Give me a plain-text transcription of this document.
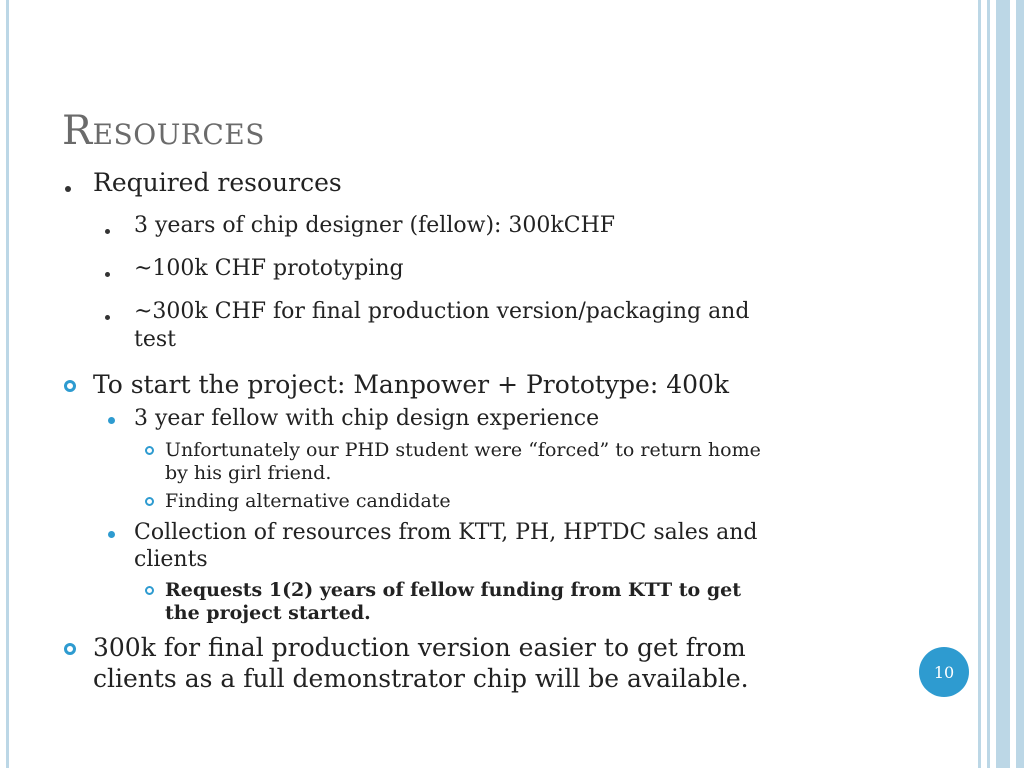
Resources
Required resources
3 years of chip designer (fellow): 300kCHF
~100k CHF prototyping
~300k CHF for final production version/packaging and
test
To start the project: Manpower + Prototype: 400k
3 year fellow with chip design experience
Unfortunately our PHD student were “forced” to return home
by his girl friend.
Finding alternative candidate
Collection of resources from KTT, PH, HPTDC sales and
clients
Requests 1(2) years of fellow funding from KTT to get
the project started.
300k for final production version easier to get from
clients as a full demonstrator chip will be available.	10
